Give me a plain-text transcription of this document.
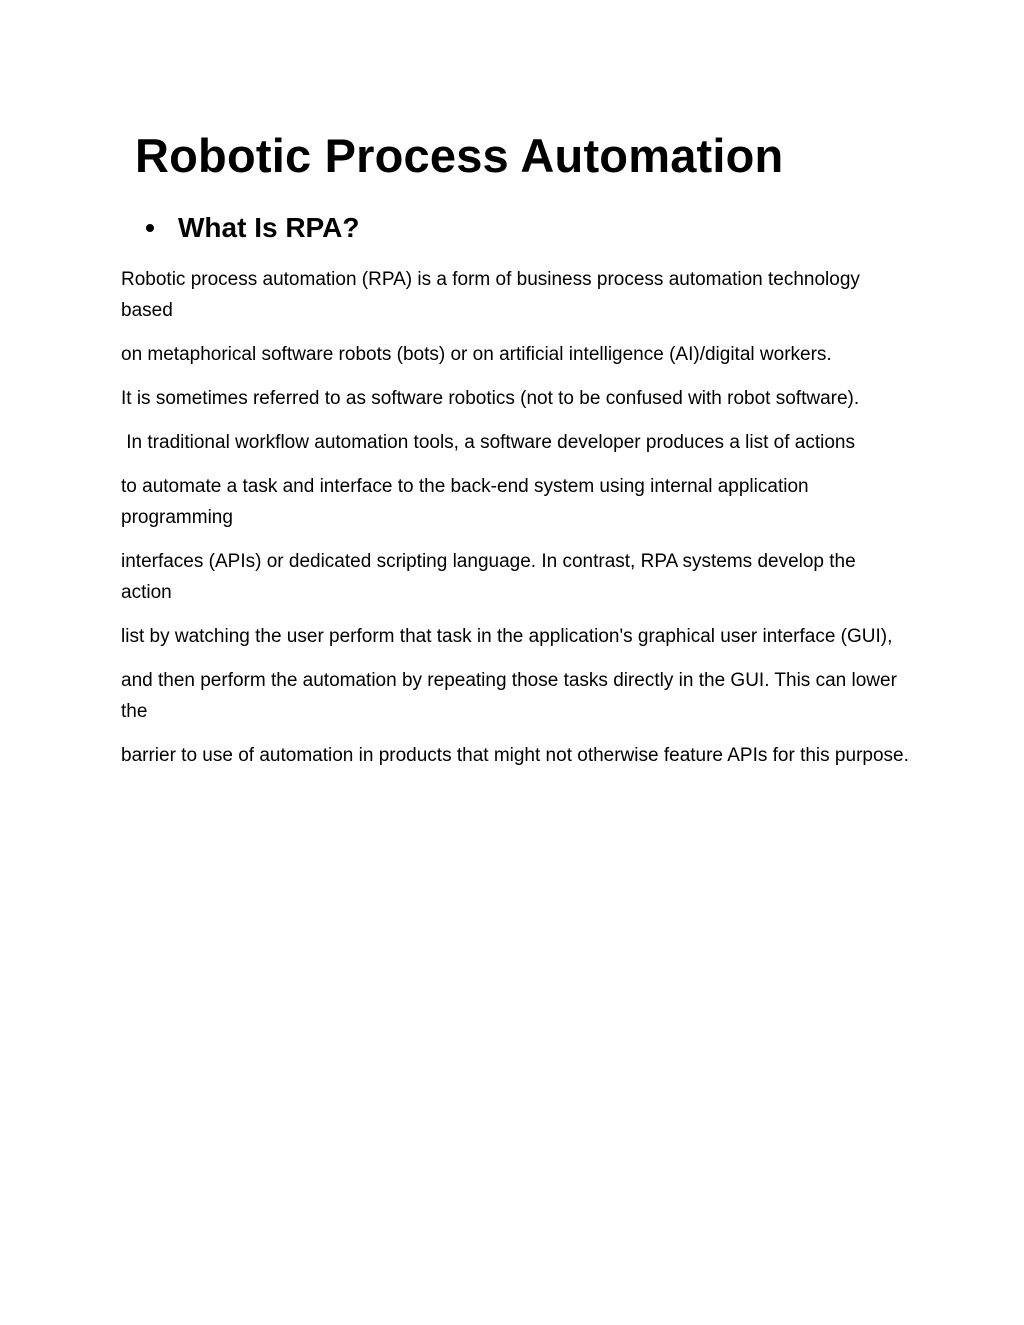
Robotic Process Automation
What Is RPA?

Robotic process automation (RPA) is a form of business process automation technology based

on metaphorical software robots (bots) or on artificial intelligence (AI)/digital workers.

It is sometimes referred to as software robotics (not to be confused with robot software).

In traditional workflow automation tools, a software developer produces a list of actions

to automate a task and interface to the back-end system using internal application programming

interfaces (APIs) or dedicated scripting language. In contrast, RPA systems develop the action

list by watching the user perform that task in the application's graphical user interface (GUI),

and then perform the automation by repeating those tasks directly in the GUI. This can lower the

barrier to use of automation in products that might not otherwise feature APIs for this purpose.
